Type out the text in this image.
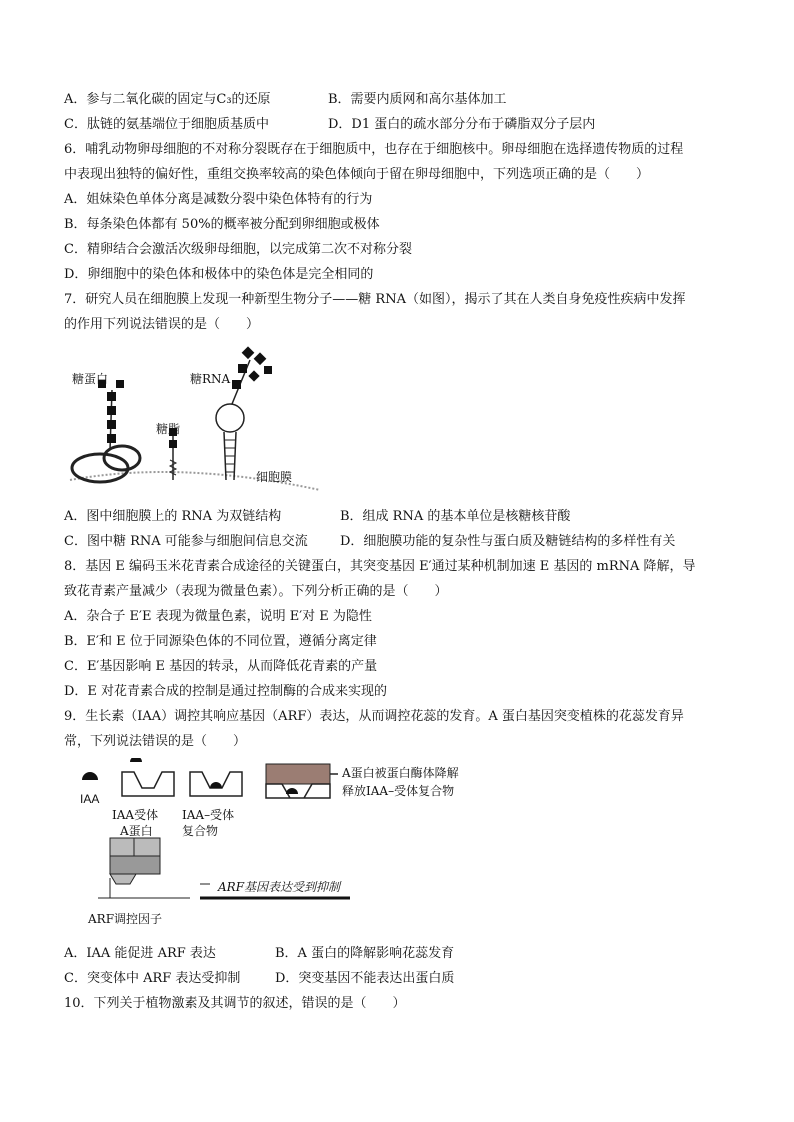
A．参与二氧化碳的固定与C₃的还原	B．需要内质网和高尔基体加工
C．肽链的氨基端位于细胞质基质中	D．D1 蛋白的疏水部分分布于磷脂双分子层内
6．哺乳动物卵母细胞的不对称分裂既存在于细胞质中，也存在于细胞核中。卵母细胞在选择遗传物质的过程
中表现出独特的偏好性，重组交换率较高的染色体倾向于留在卵母细胞中，下列选项正确的是（　　）
A．姐妹染色单体分离是减数分裂中染色体特有的行为
B．每条染色体都有 50%的概率被分配到卵细胞或极体
C．精卵结合会激活次级卵母细胞，以完成第二次不对称分裂
D．卵细胞中的染色体和极体中的染色体是完全相同的
7．研究人员在细胞膜上发现一种新型生物分子——糖 RNA（如图），揭示了其在人类自身免疫性疾病中发挥
的作用下列说法错误的是（　　）
糖蛋白	糖RNA
糖脂
细胞膜
A．图中细胞膜上的 RNA 为双链结构	B．组成 RNA 的基本单位是核糖核苷酸
C．图中糖 RNA 可能参与细胞间信息交流 D．细胞膜功能的复杂性与蛋白质及糖链结构的多样性有关
8．基因 E 编码玉米花青素合成途径的关键蛋白，其突变基因 E′通过某种机制加速 E 基因的 mRNA 降解，导
致花青素产量减少（表现为微量色素）。下列分析正确的是（　　）
A．杂合子 E′E 表现为微量色素，说明 E′对 E 为隐性
B．E′和 E 位于同源染色体的不同位置，遵循分离定律
C．E′基因影响 E 基因的转录，从而降低花青素的产量
D．E 对花青素合成的控制是通过控制酶的合成来实现的
9．生长素（IAA）调控其响应基因（ARF）表达，从而调控花蕊的发育。A 蛋白基因突变植株的花蕊发育异
常，下列说法错误的是（　　）
IAA
IAA受体 IAA–受体
复合物
A蛋白被蛋白酶体降解
释放IAA–受体复合物
A蛋白
ARF基因表达受到抑制
ARF调控因子
A．IAA 能促进 ARF 表达	B．A 蛋白的降解影响花蕊发育
C．突变体中 ARF 表达受抑制	D．突变基因不能表达出蛋白质
10．下列关于植物激素及其调节的叙述，错误的是（　　）
